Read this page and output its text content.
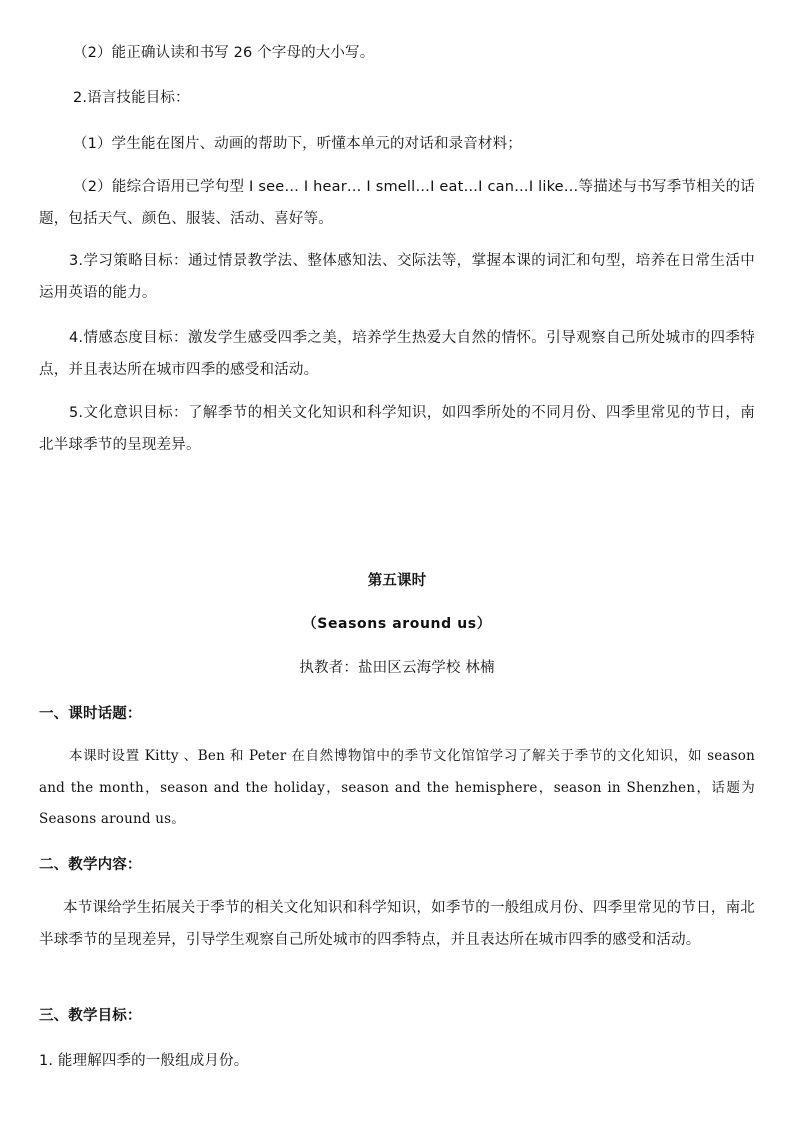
（2）能正确认读和书写 26 个字母的大小写。
2.语言技能目标：
（1）学生能在图片、动画的帮助下，听懂本单元的对话和录音材料；
（2）能综合语用已学句型 I see… I hear… I smell…I eat…I can…I like…等描述与书写季节相关的话题，包括天气、颜色、服装、活动、喜好等。
3.学习策略目标：通过情景教学法、整体感知法、交际法等，掌握本课的词汇和句型，培养在日常生活中运用英语的能力。
4.情感态度目标：激发学生感受四季之美，培养学生热爱大自然的情怀。引导观察自己所处城市的四季特点，并且表达所在城市四季的感受和活动。
5.文化意识目标：了解季节的相关文化知识和科学知识，如四季所处的不同月份、四季里常见的节日，南北半球季节的呈现差异。
第五课时
（Seasons around us）
执教者：盐田区云海学校 林楠
一、课时话题：
本课时设置 Kitty 、Ben 和 Peter 在自然博物馆中的季节文化馆馆学习了解关于季节的文化知识，如 season and the month，season and the holiday，season and the hemisphere，season in Shenzhen，话题为 Seasons around us。
二、教学内容：
本节课给学生拓展关于季节的相关文化知识和科学知识，如季节的一般组成月份、四季里常见的节日，南北半球季节的呈现差异，引导学生观察自己所处城市的四季特点，并且表达所在城市四季的感受和活动。
三、教学目标：
1. 能理解四季的一般组成月份。
